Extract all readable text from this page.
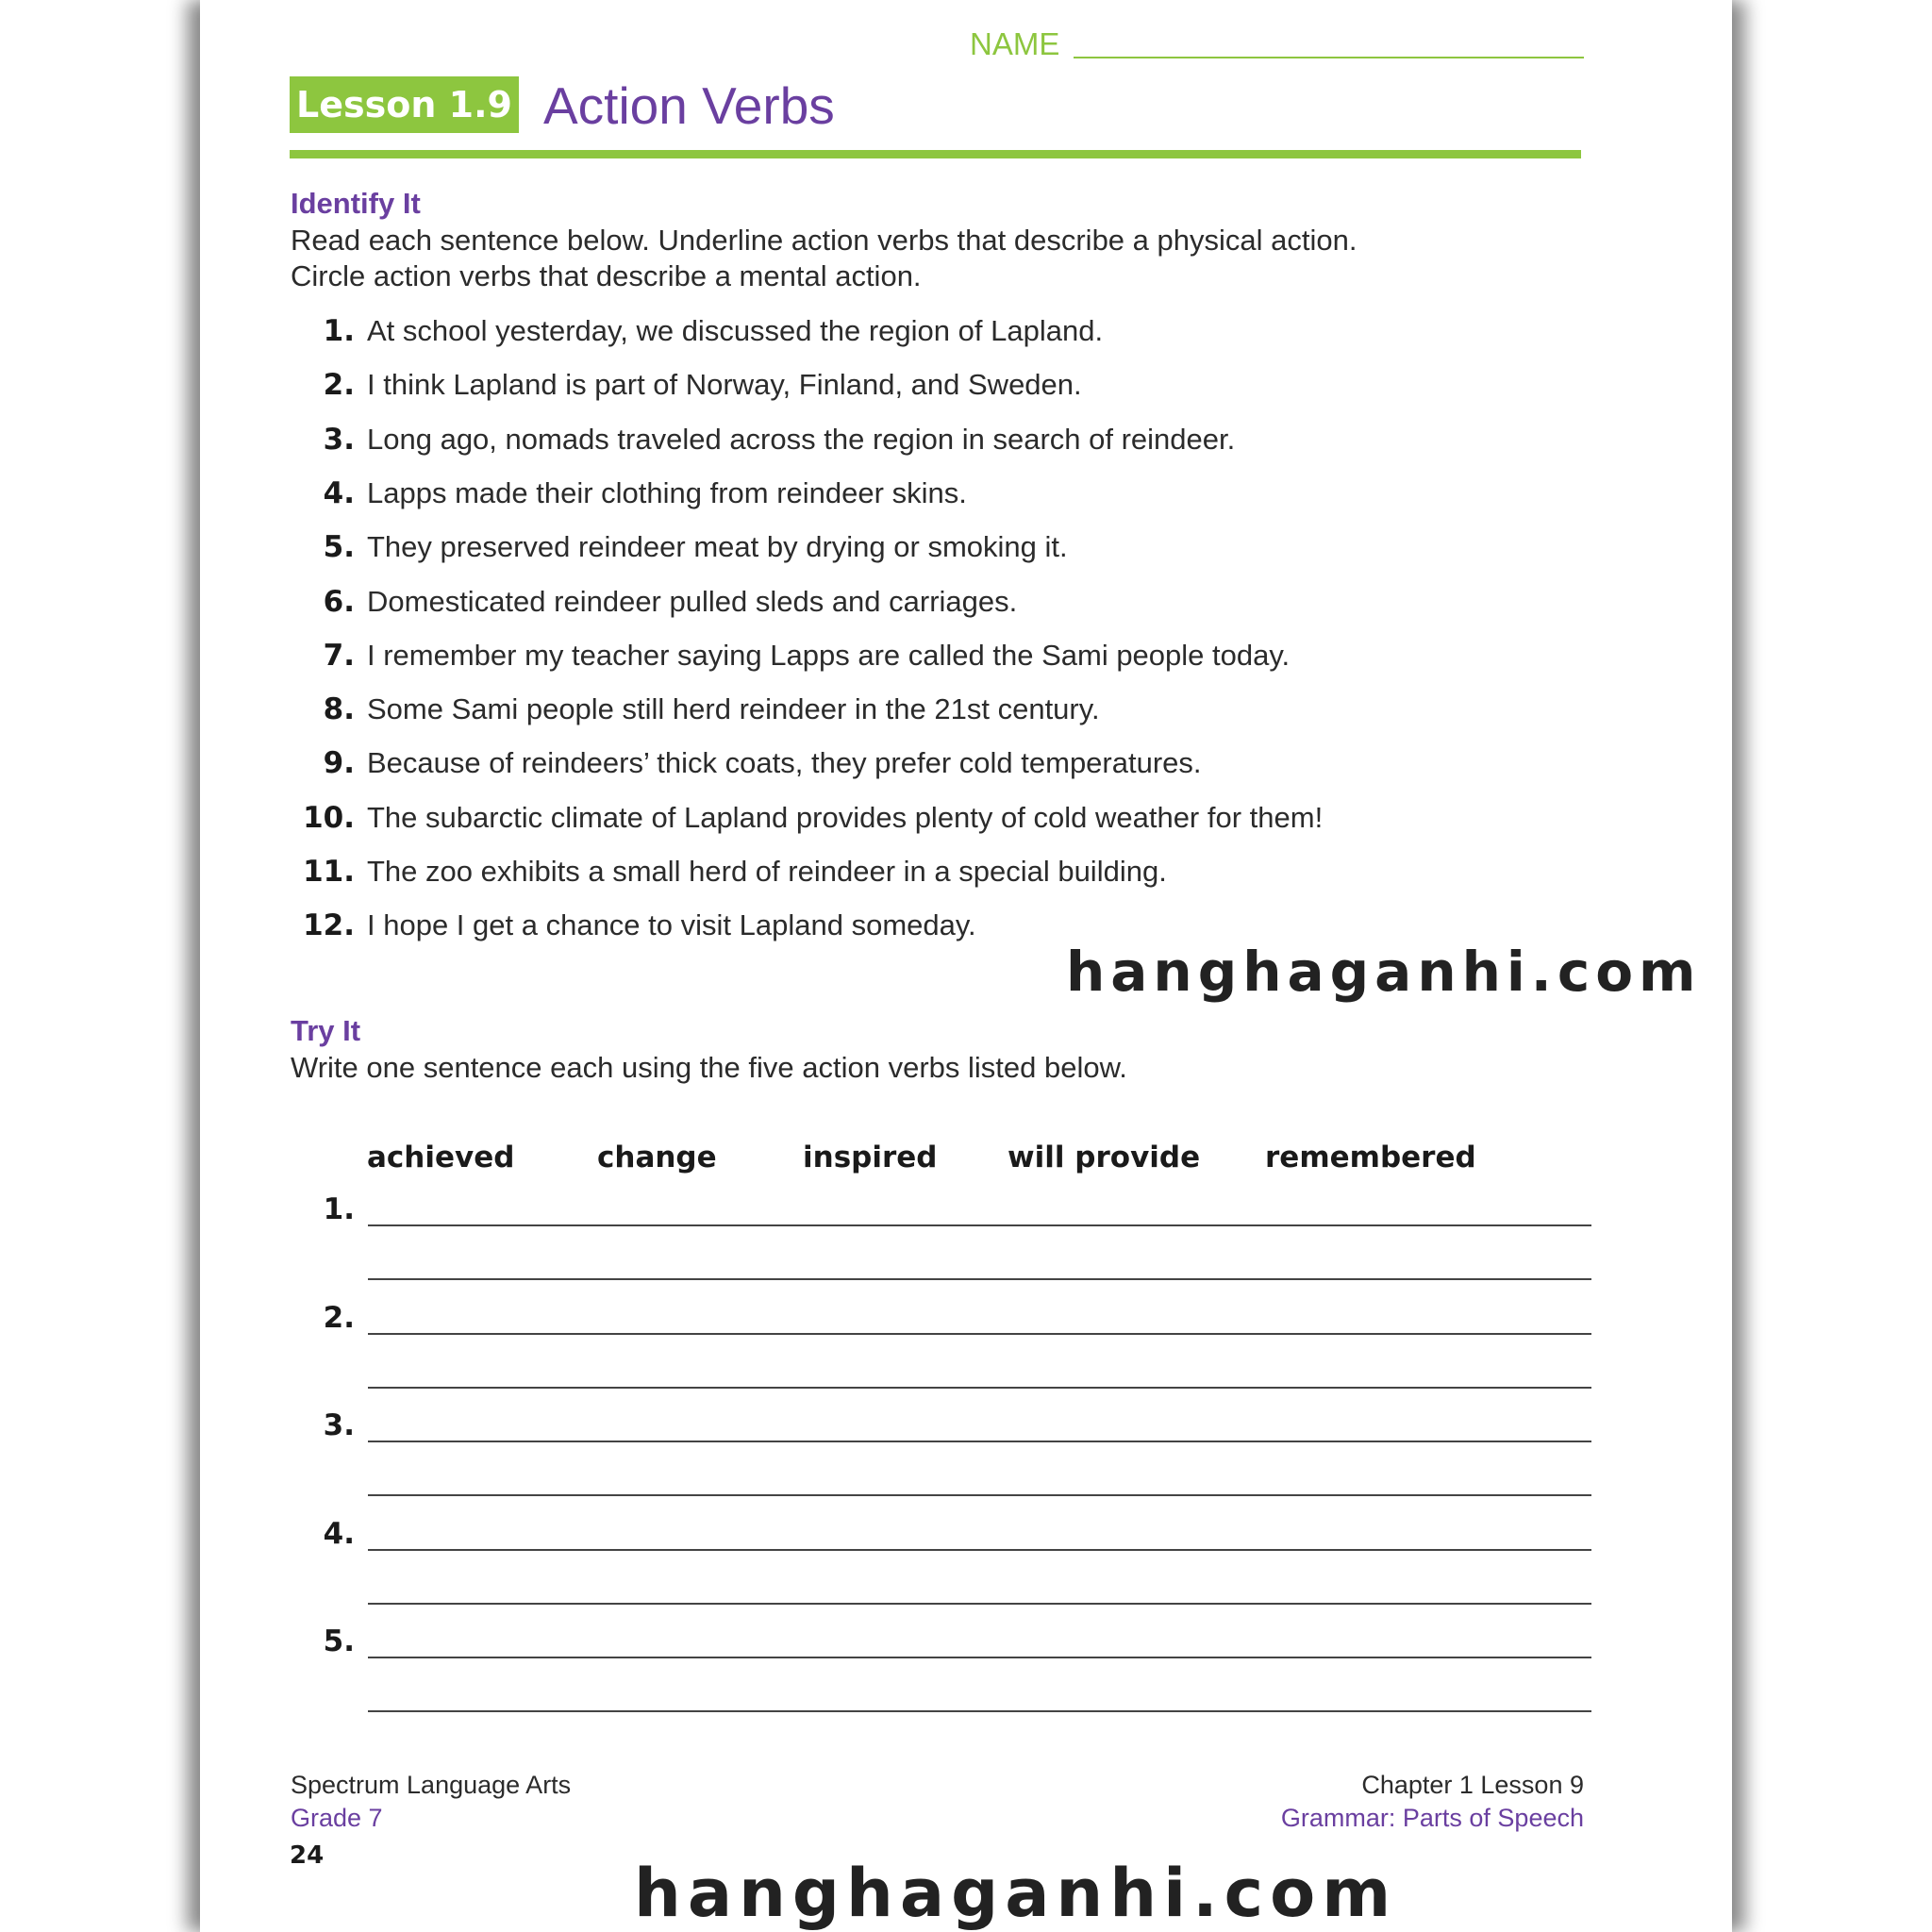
NAME
Lesson 1.9 Action Verbs
Identify It
Read each sentence below. Underline action verbs that describe a physical action.
Circle action verbs that describe a mental action.
1. At school yesterday, we discussed the region of Lapland.
2. I think Lapland is part of Norway, Finland, and Sweden.
3. Long ago, nomads traveled across the region in search of reindeer.
4. Lapps made their clothing from reindeer skins.
5. They preserved reindeer meat by drying or smoking it.
6. Domesticated reindeer pulled sleds and carriages.
7. I remember my teacher saying Lapps are called the Sami people today.
8. Some Sami people still herd reindeer in the 21st century.
9. Because of reindeers’ thick coats, they prefer cold temperatures.
10. The subarctic climate of Lapland provides plenty of cold weather for them!
11. The zoo exhibits a small herd of reindeer in a special building.
12. I hope I get a chance to visit Lapland someday.
hanghaganhi.com
Try It
Write one sentence each using the five action verbs listed below.
achieved	change	inspired will provide remembered
1.
2.
3.
4.
5.
Spectrum Language Arts
Grade 7
24
Chapter 1 Lesson 9
Grammar: Parts of Speech
hanghaganhi.com
